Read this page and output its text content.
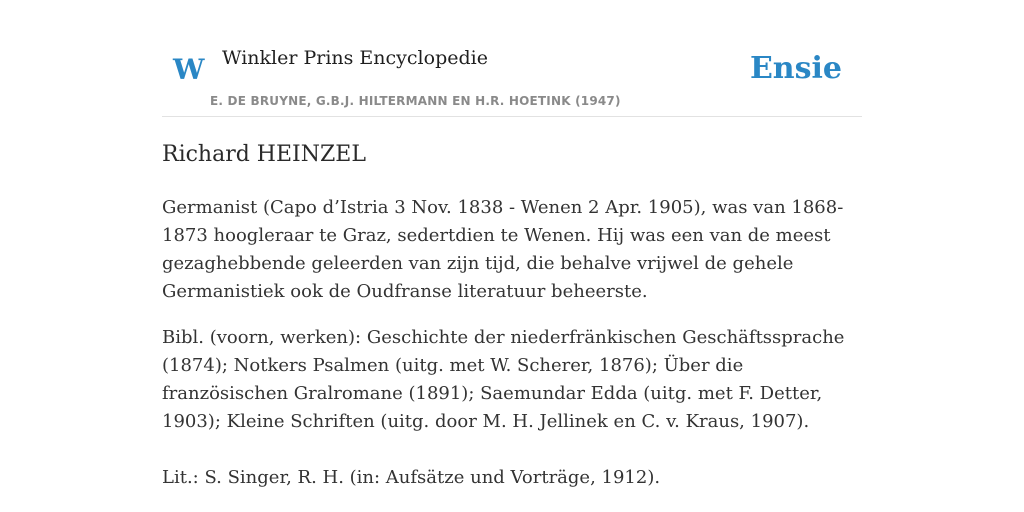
W Winkler Prins Encyclopedie
E. DE BRUYNE, G.B.J. HILTERMANN EN H.R. HOETINK (1947)
Ensie
Richard HEINZEL

Germanist (Capo d’Istria 3 Nov. 1838 - Wenen 2 Apr. 1905), was van 1868-1873 hoogleraar te Graz, sedertdien te Wenen. Hij was een van de meest gezaghebbende geleerden van zijn tijd, die behalve vrijwel de gehele Germanistiek ook de Oudfranse literatuur beheerste.

Bibl. (voorn, werken): Geschichte der niederfränkischen Geschäftssprache (1874); Notkers Psalmen (uitg. met W. Scherer, 1876); Über die französischen Gralromane (1891); Saemundar Edda (uitg. met F. Detter, 1903); Kleine Schriften (uitg. door M. H. Jellinek en C. v. Kraus, 1907).

Lit.: S. Singer, R. H. (in: Aufsätze und Vorträge, 1912).
